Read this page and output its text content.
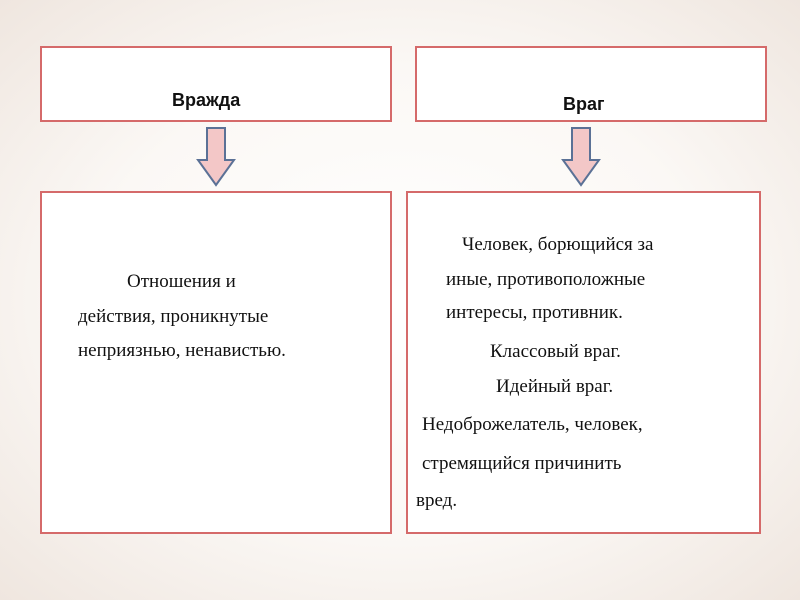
Вражда	Враг
Отношения и
действия, проникнутые
неприязнью, ненавистью.
Человек, борющийся за
иные, противоположные
интересы, противник.
Классовый враг.
Идейный враг.
Недоброжелатель, человек,
стремящийся причинить
вред.
